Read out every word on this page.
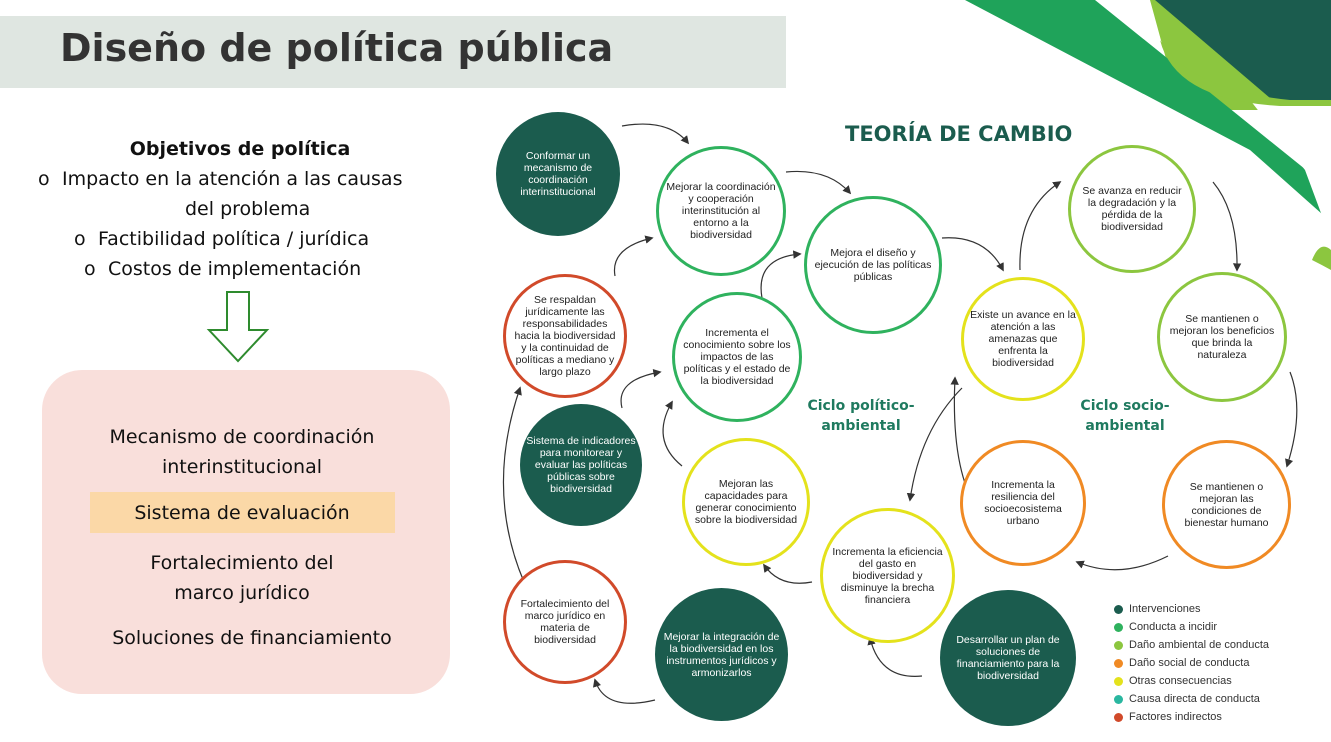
Diseño de política pública
Objetivos de política
o Impacto en la atención a las causas
del problema
o Factibilidad política / jurídica
o Costos de implementación
Mecanismo de coordinación
interinstitucional
Sistema de evaluación
Fortalecimiento del
marco jurídico
Soluciones de financiamiento
TEORÍA DE CAMBIO
Ciclo político-
ambiental
Ciclo socio-
ambiental
Conformar un mecanismo de coordinación interinstitucional	Mejorar la coordinación y cooperación interinstitución al entorno a la biodiversidad
Mejora el diseño y ejecución de las políticas públicas
Se respaldan jurídicamente las responsabilidades hacia la biodiversidad y la continuidad de políticas a mediano y largo plazo
Incrementa el conocimiento sobre los impactos de las políticas y el estado de la biodiversidad
Sistema de indicadores para monitorear y evaluar las políticas públicas sobre biodiversidad	Mejoran las capacidades para generar conocimiento sobre la biodiversidad
Fortalecimiento del marco jurídico en materia de biodiversidad	Mejorar la integración de la biodiversidad en los instrumentos jurídicos y armonizarlos
Incrementa la eficiencia del gasto en biodiversidad y disminuye la brecha financiera
Desarrollar un plan de soluciones de financiamiento para la biodiversidad
Existe un avance en la atención a las amenazas que enfrenta la biodiversidad
Se avanza en reducir la degradación y la pérdida de la biodiversidad
Se mantienen o mejoran los beneficios que brinda la naturaleza
Se mantienen o mejoran las condiciones de bienestar humano
Incrementa la resiliencia del socioecosistema urbano
Intervenciones
Conducta a incidir
Daño ambiental de conducta
Daño social de conducta
Otras consecuencias
Causa directa de conducta
Factores indirectos
